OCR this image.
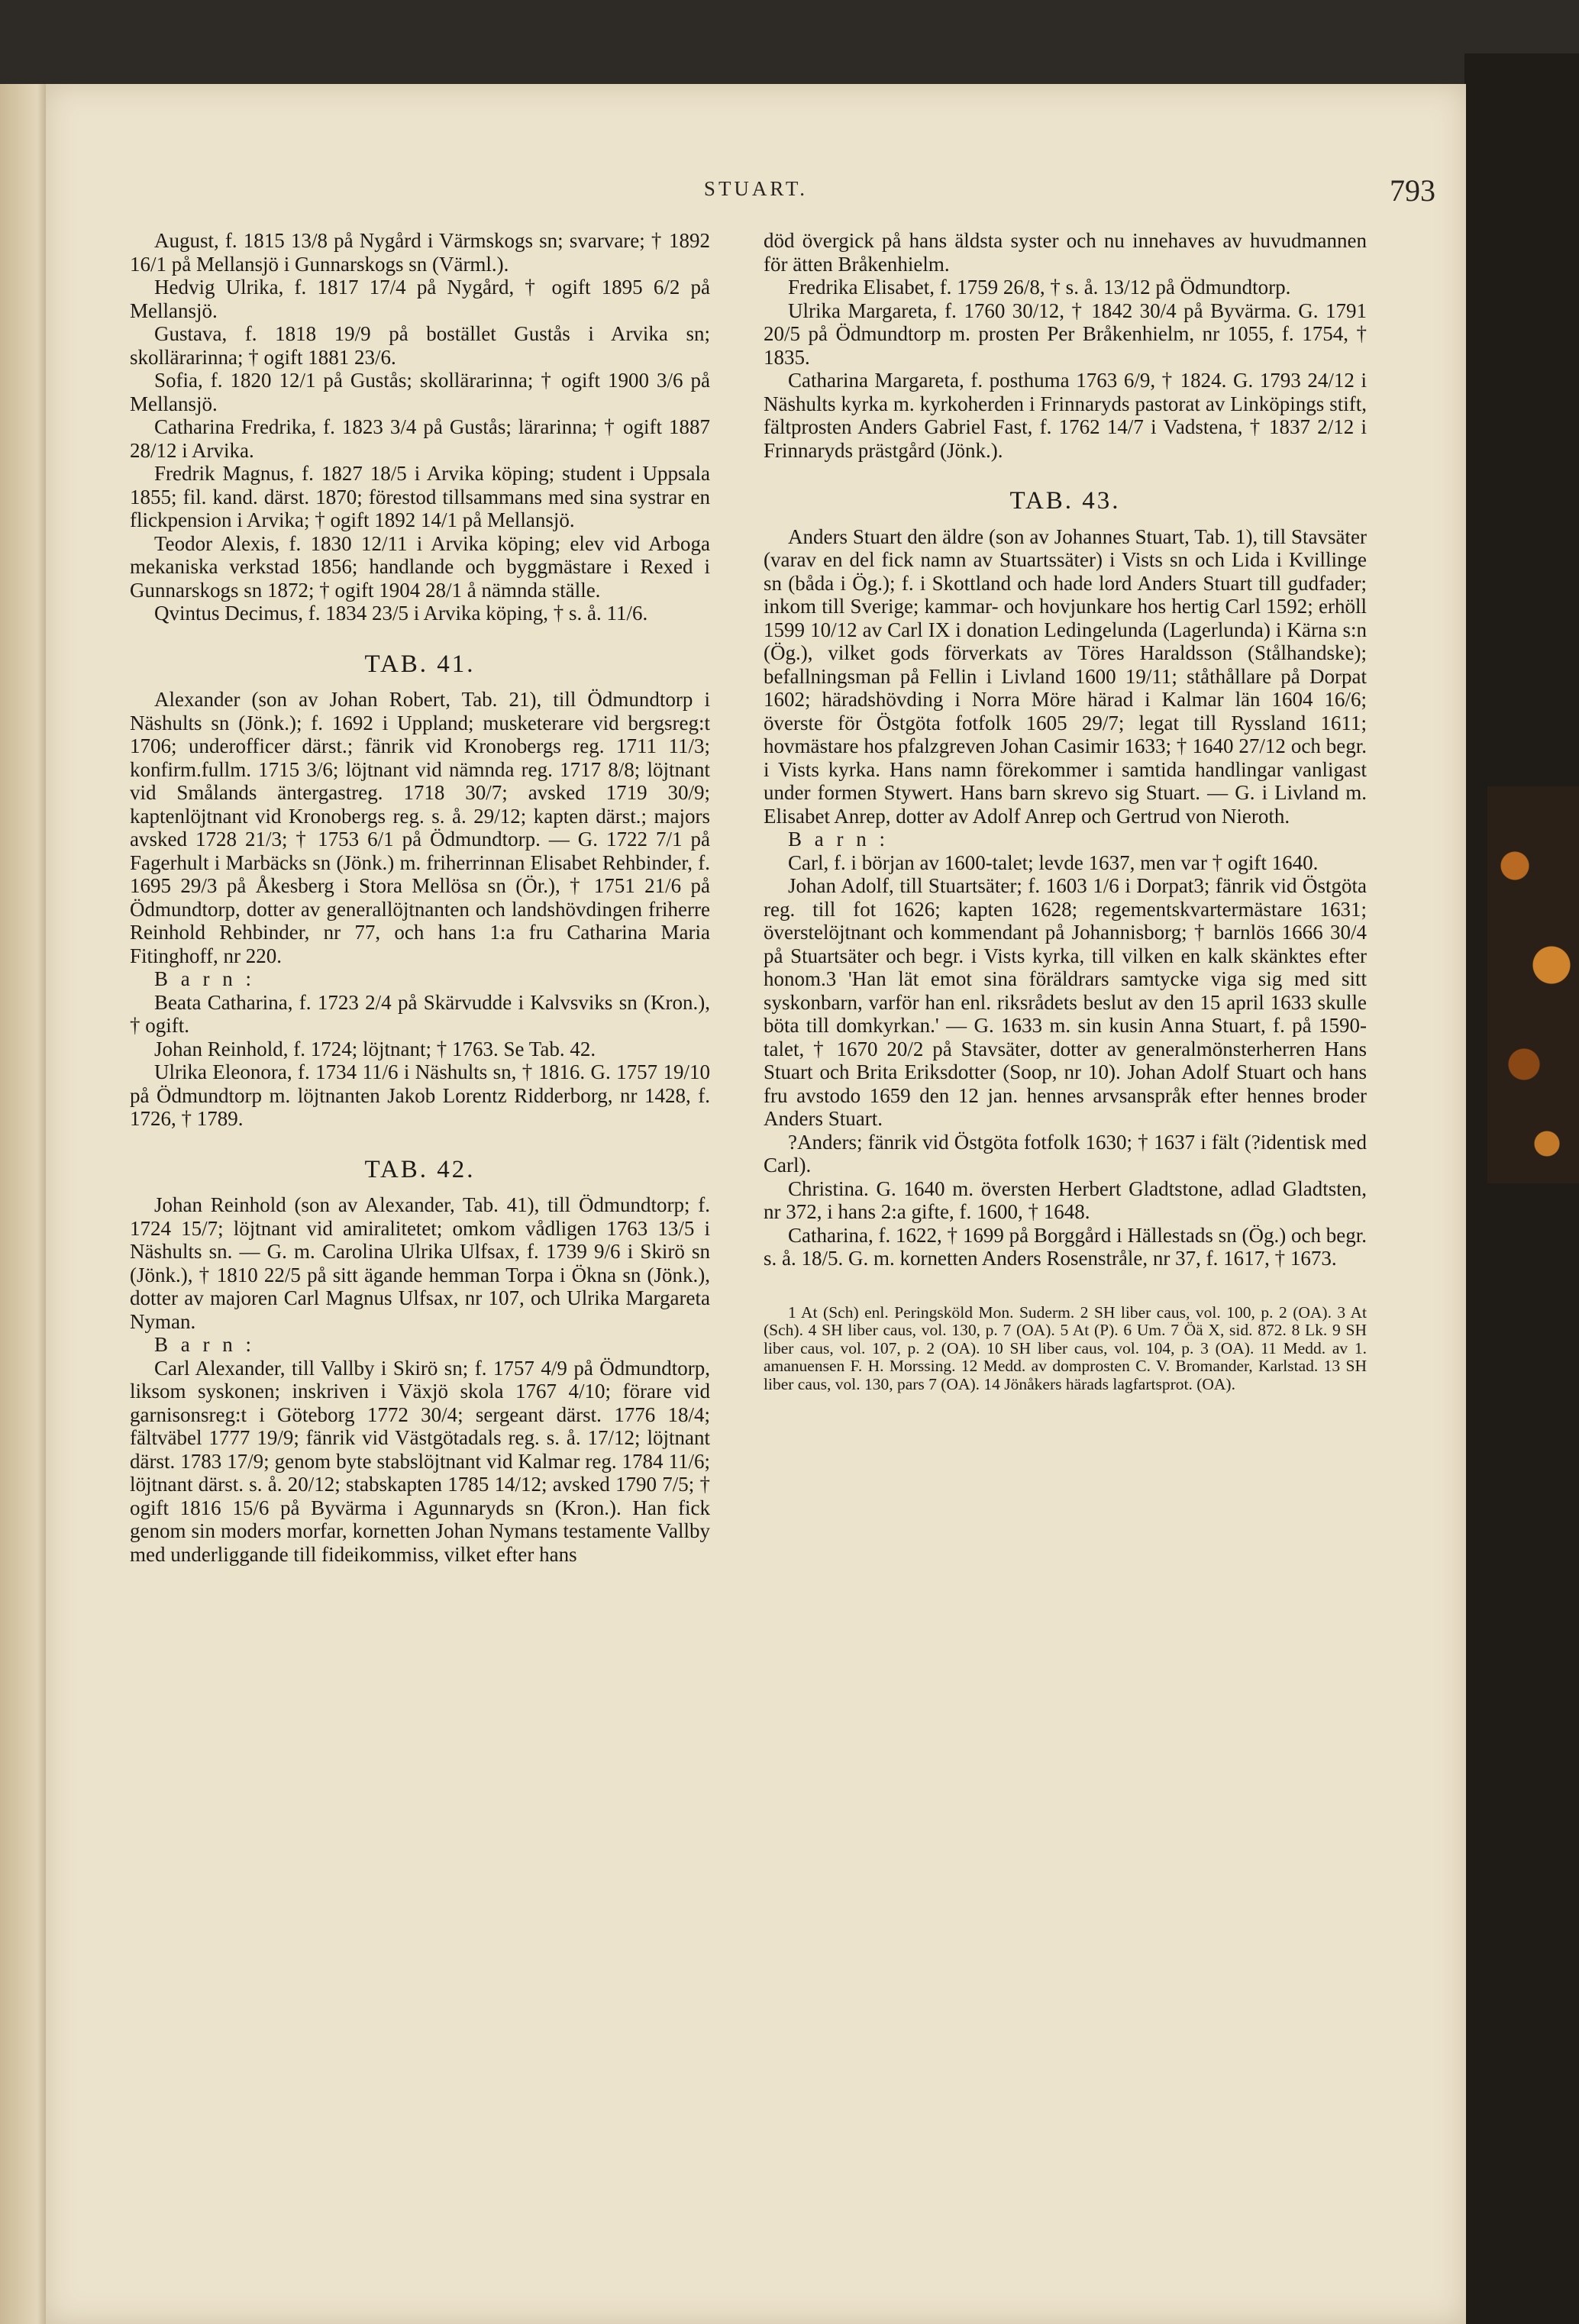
STUART.	793

August, f. 1815 13/8 på Nygård i Värmskogs sn; svarvare; † 1892 16/1 på Mellansjö i Gunnarskogs sn (Värml.).

Hedvig Ulrika, f. 1817 17/4 på Nygård, † ogift 1895 6/2 på Mellansjö.

Gustava, f. 1818 19/9 på bostället Gustås i Arvika sn; skollärarinna; † ogift 1881 23/6.

Sofia, f. 1820 12/1 på Gustås; skollärarinna; † ogift 1900 3/6 på Mellansjö.

Catharina Fredrika, f. 1823 3/4 på Gustås; lärarinna; † ogift 1887 28/12 i Arvika.

Fredrik Magnus, f. 1827 18/5 i Arvika köping; student i Uppsala 1855; fil. kand. därst. 1870; förestod tillsammans med sina systrar en flickpension i Arvika; † ogift 1892 14/1 på Mellansjö.

Teodor Alexis, f. 1830 12/11 i Arvika köping; elev vid Arboga mekaniska verkstad 1856; handlande och byggmästare i Rexed i Gunnarskogs sn 1872; † ogift 1904 28/1 å nämnda ställe.

Qvintus Decimus, f. 1834 23/5 i Arvika köping, † s. å. 11/6.

TAB. 41.

Alexander (son av Johan Robert, Tab. 21), till Ödmundtorp i Näshults sn (Jönk.); f. 1692 i Uppland; musketerare vid bergsreg:t 1706; underofficer därst.; fänrik vid Kronobergs reg. 1711 11/3; konfirm.fullm. 1715 3/6; löjtnant vid nämnda reg. 1717 8/8; löjtnant vid Smålands äntergastreg. 1718 30/7; avsked 1719 30/9; kaptenlöjtnant vid Kronobergs reg. s. å. 29/12; kapten därst.; majors avsked 1728 21/3; † 1753 6/1 på Ödmundtorp. — G. 1722 7/1 på Fagerhult i Marbäcks sn (Jönk.) m. friherrinnan Elisabet Rehbinder, f. 1695 29/3 på Åkesberg i Stora Mellösa sn (Ör.), † 1751 21/6 på Ödmundtorp, dotter av generallöjtnanten och landshövdingen friherre Reinhold Rehbinder, nr 77, och hans 1:a fru Catharina Maria Fitinghoff, nr 220.

B a r n :

Beata Catharina, f. 1723 2/4 på Skärvudde i Kalvsviks sn (Kron.), † ogift.

Johan Reinhold, f. 1724; löjtnant; † 1763. Se Tab. 42.

Ulrika Eleonora, f. 1734 11/6 i Näshults sn, † 1816. G. 1757 19/10 på Ödmundtorp m. löjtnanten Jakob Lorentz Ridderborg, nr 1428, f. 1726, † 1789.

TAB. 42.

Johan Reinhold (son av Alexander, Tab. 41), till Ödmundtorp; f. 1724 15/7; löjtnant vid amiralitetet; omkom vådligen 1763 13/5 i Näshults sn. — G. m. Carolina Ulrika Ulfsax, f. 1739 9/6 i Skirö sn (Jönk.), † 1810 22/5 på sitt ägande hemman Torpa i Ökna sn (Jönk.), dotter av majoren Carl Magnus Ulfsax, nr 107, och Ulrika Margareta Nyman.

B a r n :

Carl Alexander, till Vallby i Skirö sn; f. 1757 4/9 på Ödmundtorp, liksom syskonen; inskriven i Växjö skola 1767 4/10; förare vid garnisonsreg:t i Göteborg 1772 30/4; sergeant därst. 1776 18/4; fältväbel 1777 19/9; fänrik vid Västgötadals reg. s. å. 17/12; löjtnant därst. 1783 17/9; genom byte stabslöjtnant vid Kalmar reg. 1784 11/6; löjtnant därst. s. å. 20/12; stabskapten 1785 14/12; avsked 1790 7/5; † ogift 1816 15/6 på Byvärma i Agunnaryds sn (Kron.). Han fick genom sin moders morfar, kornetten Johan Nymans testamente Vallby med underliggande till fideikommiss, vilket efter hans

död övergick på hans äldsta syster och nu innehaves av huvudmannen för ätten Bråkenhielm.

Fredrika Elisabet, f. 1759 26/8, † s. å. 13/12 på Ödmundtorp.

Ulrika Margareta, f. 1760 30/12, † 1842 30/4 på Byvärma. G. 1791 20/5 på Ödmundtorp m. prosten Per Bråkenhielm, nr 1055, f. 1754, † 1835.

Catharina Margareta, f. posthuma 1763 6/9, † 1824. G. 1793 24/12 i Näshults kyrka m. kyrkoherden i Frinnaryds pastorat av Linköpings stift, fältprosten Anders Gabriel Fast, f. 1762 14/7 i Vadstena, † 1837 2/12 i Frinnaryds prästgård (Jönk.).

TAB. 43.

Anders Stuart den äldre (son av Johannes Stuart, Tab. 1), till Stavsäter (varav en del fick namn av Stuartssäter) i Vists sn och Lida i Kvillinge sn (båda i Ög.); f. i Skottland och hade lord Anders Stuart till gudfader; inkom till Sverige; kammar- och hovjunkare hos hertig Carl 1592; erhöll 1599 10/12 av Carl IX i donation Ledingelunda (Lagerlunda) i Kärna s:n (Ög.), vilket gods förverkats av Töres Haraldsson (Stålhandske); befallningsman på Fellin i Livland 1600 19/11; ståthållare på Dorpat 1602; häradshövding i Norra Möre härad i Kalmar län 1604 16/6; överste för Östgöta fotfolk 1605 29/7; legat till Ryssland 1611; hovmästare hos pfalzgreven Johan Casimir 1633; † 1640 27/12 och begr. i Vists kyrka. Hans namn förekommer i samtida handlingar vanligast under formen Stywert. Hans barn skrevo sig Stuart. — G. i Livland m. Elisabet Anrep, dotter av Adolf Anrep och Gertrud von Nieroth.

B a r n :

Carl, f. i början av 1600-talet; levde 1637, men var † ogift 1640.

Johan Adolf, till Stuartsäter; f. 1603 1/6 i Dorpat3; fänrik vid Östgöta reg. till fot 1626; kapten 1628; regementskvartermästare 1631; överstelöjtnant och kommendant på Johannisborg; † barnlös 1666 30/4 på Stuartsäter och begr. i Vists kyrka, till vilken en kalk skänktes efter honom.3 'Han lät emot sina föräldrars samtycke viga sig med sitt syskonbarn, varför han enl. riksrådets beslut av den 15 april 1633 skulle böta till domkyrkan.' — G. 1633 m. sin kusin Anna Stuart, f. på 1590-talet, † 1670 20/2 på Stavsäter, dotter av generalmönsterherren Hans Stuart och Brita Eriksdotter (Soop, nr 10). Johan Adolf Stuart och hans fru avstodo 1659 den 12 jan. hennes arvsanspråk efter hennes broder Anders Stuart.

?Anders; fänrik vid Östgöta fotfolk 1630; † 1637 i fält (?identisk med Carl).

Christina. G. 1640 m. översten Herbert Gladtstone, adlad Gladtsten, nr 372, i hans 2:a gifte, f. 1600, † 1648.

Catharina, f. 1622, † 1699 på Borggård i Hällestads sn (Ög.) och begr. s. å. 18/5. G. m. kornetten Anders Rosenstråle, nr 37, f. 1617, † 1673.

1 At (Sch) enl. Peringsköld Mon. Suderm. 2 SH liber caus, vol. 100, p. 2 (OA). 3 At (Sch). 4 SH liber caus, vol. 130, p. 7 (OA). 5 At (P). 6 Um. 7 Öä X, sid. 872. 8 Lk. 9 SH liber caus, vol. 107, p. 2 (OA). 10 SH liber caus, vol. 104, p. 3 (OA). 11 Medd. av 1. amanuensen F. H. Morssing. 12 Medd. av domprosten C. V. Bromander, Karlstad. 13 SH liber caus, vol. 130, pars 7 (OA). 14 Jönåkers härads lagfartsprot. (OA).
